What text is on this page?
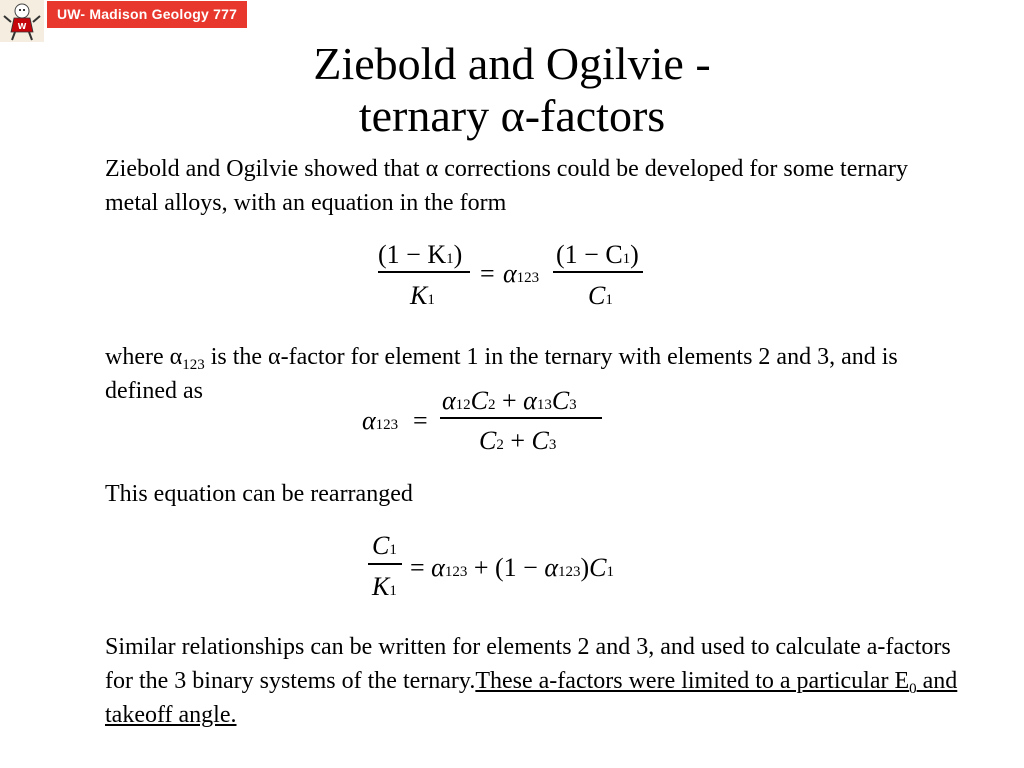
W
UW- Madison Geology 777
Ziebold and Ogilvie -
ternary α-factors
Ziebold and Ogilvie showed that α corrections could be developed for some ternary metal alloys, with an equation in the form
(1 − K1)
K1
= α123
(1 − C1)
C1
where $\alpha_{123}$ is the α-factor for element 1 in the ternary with elements 2 and 3, and is defined as
α123 =
α12C2 + α13C3
C2 + C3
This equation can be rearranged
C1
K1
= α123 + (1 − α123)C1
Similar relationships can be written for elements 2 and 3, and used to calculate a-factors for the 3 binary systems of the ternary.These a-factors were limited to a particular $E_0$ and takeoff angle.
